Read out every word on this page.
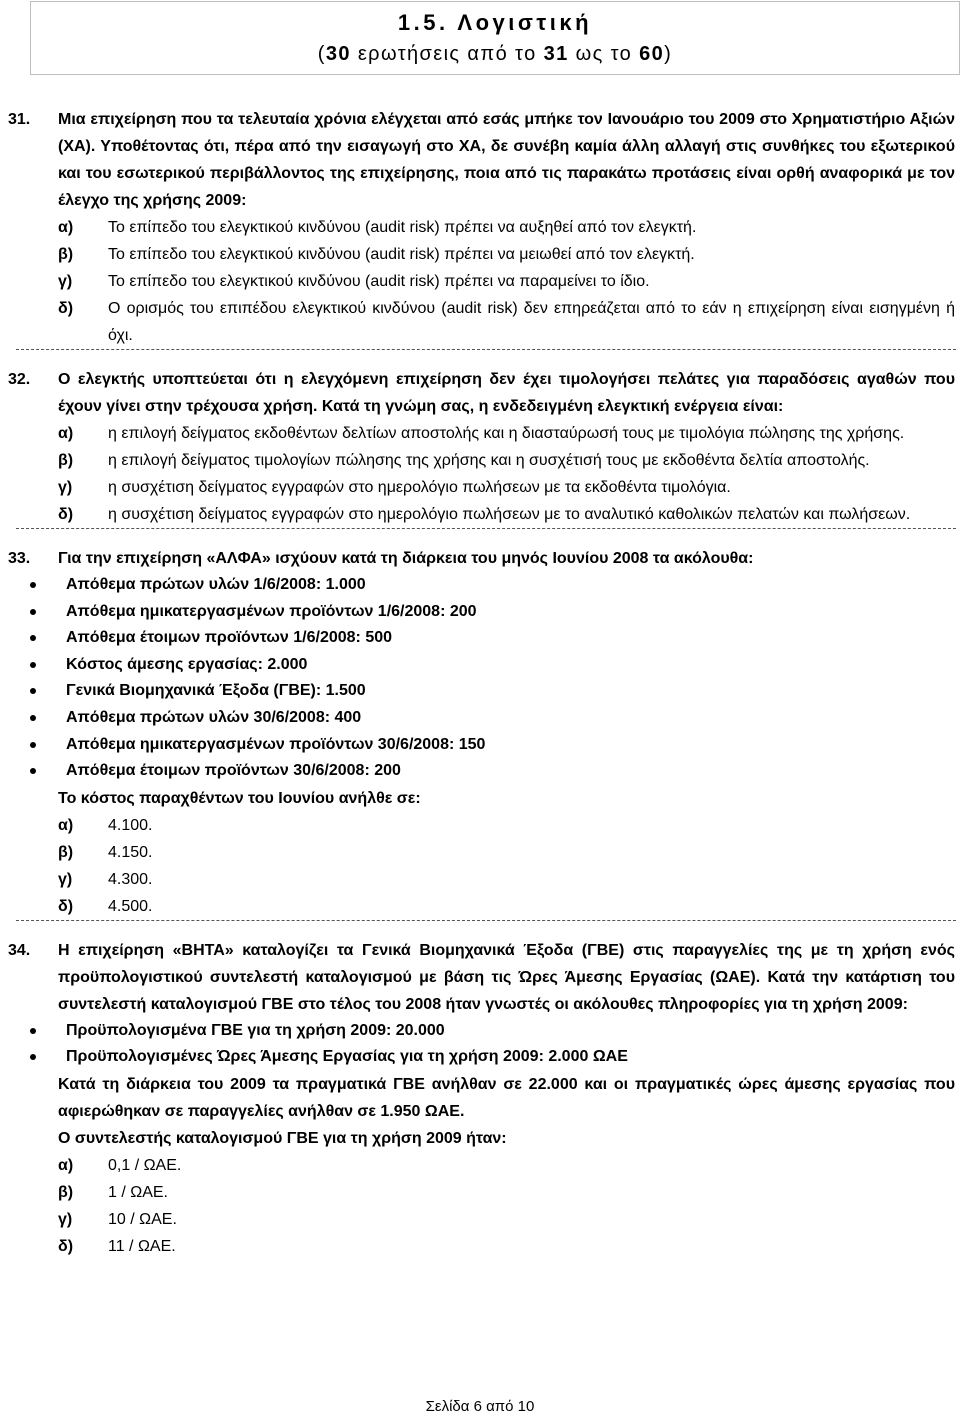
1.5. Λογιστική
(30 ερωτήσεις από το 31 ως το 60)
31. Μια επιχείρηση που τα τελευταία χρόνια ελέγχεται από εσάς μπήκε τον Ιανουάριο του 2009 στο Χρηματιστήριο Αξιών (ΧΑ). Υποθέτοντας ότι, πέρα από την εισαγωγή στο ΧΑ, δε συνέβη καμία άλλη αλλαγή στις συνθήκες του εξωτερικού και του εσωτερικού περιβάλλοντος της επιχείρησης, ποια από τις παρακάτω προτάσεις είναι ορθή αναφορικά με τον έλεγχο της χρήσης 2009:
α) Το επίπεδο του ελεγκτικού κινδύνου (audit risk) πρέπει να αυξηθεί από τον ελεγκτή.
β) Το επίπεδο του ελεγκτικού κινδύνου (audit risk) πρέπει να μειωθεί από τον ελεγκτή.
γ) Το επίπεδο του ελεγκτικού κινδύνου (audit risk) πρέπει να παραμείνει το ίδιο.
δ) Ο ορισμός του επιπέδου ελεγκτικού κινδύνου (audit risk) δεν επηρεάζεται από το εάν η επιχείρηση είναι εισηγμένη ή όχι.
32. Ο ελεγκτής υποπτεύεται ότι η ελεγχόμενη επιχείρηση δεν έχει τιμολογήσει πελάτες για παραδόσεις αγαθών που έχουν γίνει στην τρέχουσα χρήση. Κατά τη γνώμη σας, η ενδεδειγμένη ελεγκτική ενέργεια είναι:
α) η επιλογή δείγματος εκδοθέντων δελτίων αποστολής και η διασταύρωσή τους με τιμολόγια πώλησης της χρήσης.
β) η επιλογή δείγματος τιμολογίων πώλησης της χρήσης και η συσχέτισή τους με εκδοθέντα δελτία αποστολής.
γ) η συσχέτιση δείγματος εγγραφών στο ημερολόγιο πωλήσεων με τα εκδοθέντα τιμολόγια.
δ) η συσχέτιση δείγματος εγγραφών στο ημερολόγιο πωλήσεων με το αναλυτικό καθολικών πελατών και πωλήσεων.
33. Για την επιχείρηση «ΑΛΦΑ» ισχύουν κατά τη διάρκεια του μηνός Ιουνίου 2008 τα ακόλουθα:
Απόθεμα πρώτων υλών 1/6/2008: 1.000
Απόθεμα ημικατεργασμένων προϊόντων 1/6/2008: 200
Απόθεμα έτοιμων προϊόντων 1/6/2008: 500
Κόστος άμεσης εργασίας: 2.000
Γενικά Βιομηχανικά Έξοδα (ΓΒΕ): 1.500
Απόθεμα πρώτων υλών 30/6/2008: 400
Απόθεμα ημικατεργασμένων προϊόντων 30/6/2008: 150
Απόθεμα έτοιμων προϊόντων 30/6/2008: 200
Το κόστος παραχθέντων του Ιουνίου ανήλθε σε:
α) 4.100.
β) 4.150.
γ) 4.300.
δ) 4.500.
34. Η επιχείρηση «ΒΗΤΑ» καταλογίζει τα Γενικά Βιομηχανικά Έξοδα (ΓΒΕ) στις παραγγελίες της με τη χρήση ενός προϋπολογιστικού συντελεστή καταλογισμού με βάση τις Ώρες Άμεσης Εργασίας (ΩΑΕ). Κατά την κατάρτιση του συντελεστή καταλογισμού ΓΒΕ στο τέλος του 2008 ήταν γνωστές οι ακόλουθες πληροφορίες για τη χρήση 2009:
Προϋπολογισμένα ΓΒΕ για τη χρήση 2009: 20.000
Προϋπολογισμένες Ώρες Άμεσης Εργασίας για τη χρήση 2009: 2.000 ΩΑΕ
Κατά τη διάρκεια του 2009 τα πραγματικά ΓΒΕ ανήλθαν σε 22.000 και οι πραγματικές ώρες άμεσης εργασίας που αφιερώθηκαν σε παραγγελίες ανήλθαν σε 1.950 ΩΑΕ.
Ο συντελεστής καταλογισμού ΓΒΕ για τη χρήση 2009 ήταν:
α) 0,1 / ΩΑΕ.
β) 1 / ΩΑΕ.
γ) 10 / ΩΑΕ.
δ) 11 / ΩΑΕ.
Σελίδα 6 από 10
